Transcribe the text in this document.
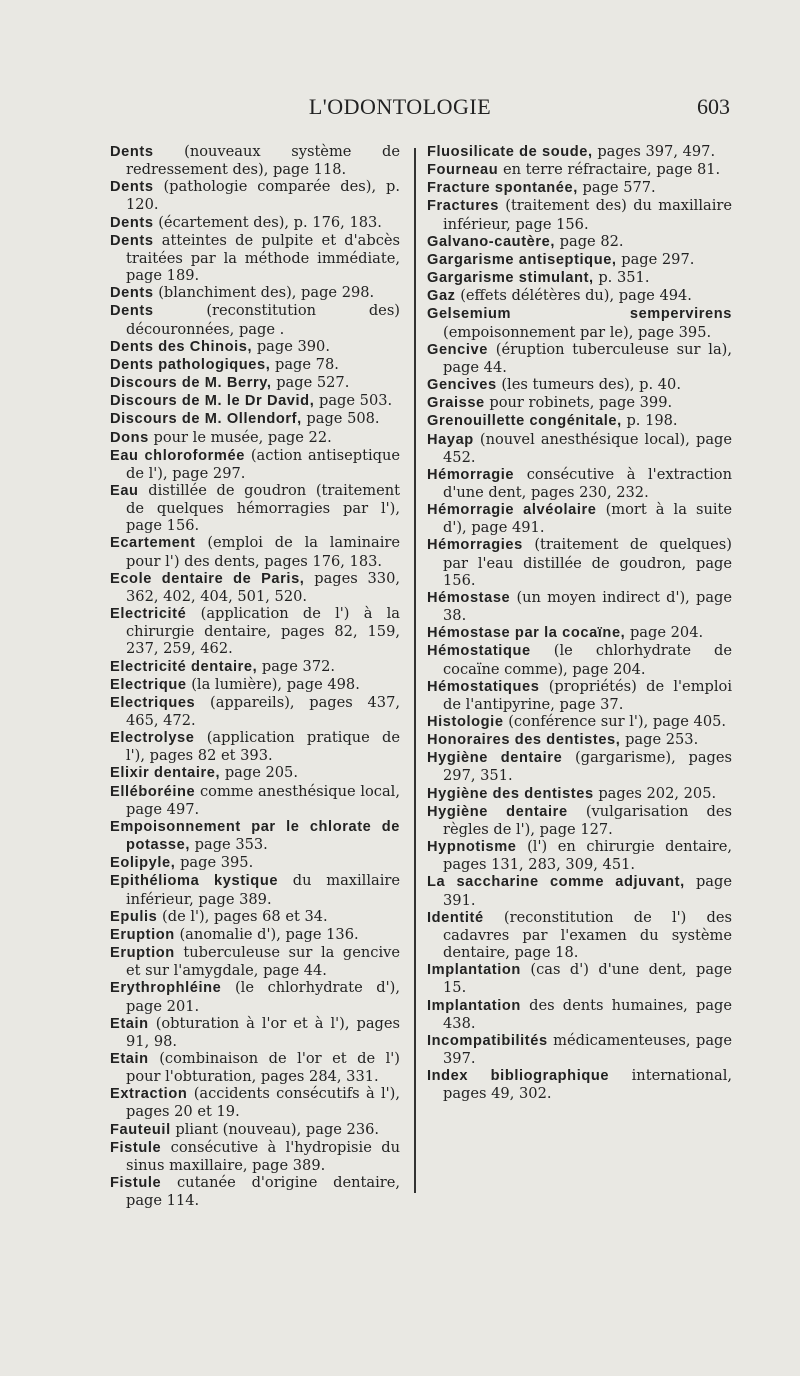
L'ODONTOLOGIE	603

Dents (nouveaux système de redressement des), page 118.

Dents (pathologie comparée des), p. 120.

Dents (écartement des), p. 176, 183.

Dents atteintes de pulpite et d'abcès traitées par la méthode immédiate, page 189.

Dents (blanchiment des), page 298.

Dents	(reconstitution des) découronnées, page .

Dents des Chinois, page 390.

Dents pathologiques, page 78.

Discours de M. Berry, page 527.

Discours de M. le Dr David, page 503.

Discours de M. Ollendorf, page 508.

Dons pour le musée, page 22.

Eau chloroformée (action antiseptique de l'), page 297.

Eau distillée de goudron (traitement de quelques hémorragies par l'), page 156.

Ecartement (emploi de la laminaire pour l') des dents, pages 176, 183.

Ecole dentaire de Paris, pages 330, 362, 402, 404, 501, 520.

Electricité (application de l') à la chirurgie dentaire, pages 82, 159, 237, 259, 462.

Electricité dentaire, page 372.

Electrique (la lumière), page 498.

Electriques (appareils), pages 437, 465, 472.

Electrolyse (application pratique de l'), pages 82 et 393.

Elixir dentaire, page 205.

Elléboréine comme anesthésique local, page 497.

Empoisonnement par le chlorate de potasse, page 353.

Eolipyle, page 395.

Epithélioma kystique du maxillaire inférieur, page 389.

Epulis (de l'), pages 68 et 34.

Eruption (anomalie d'), page 136.

Eruption tuberculeuse sur la gencive et sur l'amygdale, page 44.

Erythrophléine (le chlorhydrate d'), page 201.

Etain (obturation à l'or et à l'), pages 91, 98.

Etain (combinaison de l'or et de l') pour l'obturation, pages 284, 331.

Extraction (accidents consécutifs à l'), pages 20 et 19.

Fauteuil pliant (nouveau), page 236.

Fistule consécutive à l'hydropisie du sinus maxillaire, page 389.

Fistule cutanée d'origine dentaire, page 114.

Fluosilicate de soude, pages 397, 497.

Fourneau en terre réfractaire, page 81.

Fracture spontanée, page 577.

Fractures (traitement des) du maxillaire inférieur, page 156.

Galvano-cautère, page 82.

Gargarisme antiseptique, page 297.

Gargarisme stimulant, p. 351.

Gaz (effets délétères du), page 494.

Gelsemium sempervirens (empoisonnement par le), page 395.

Gencive (éruption tuberculeuse sur la), page 44.

Gencives (les tumeurs des), p. 40.

Graisse pour robinets, page 399.

Grenouillette congénitale, p. 198.

Hayap (nouvel anesthésique local), page 452.

Hémorragie consécutive à l'extraction d'une dent, pages 230, 232.

Hémorragie alvéolaire (mort à la suite d'), page 491.

Hémorragies (traitement de quelques) par l'eau distillée de goudron, page 156.

Hémostase (un moyen indirect d'), page 38.

Hémostase par la cocaïne, page 204.

Hémostatique (le chlorhydrate de cocaïne comme), page 204.

Hémostatiques (propriétés) de l'emploi de l'antipyrine, page 37.

Histologie (conférence sur l'), page 405.

Honoraires des dentistes, page 253.

Hygiène dentaire (gargarisme), pages 297, 351.

Hygiène des dentistes pages 202, 205.

Hygiène dentaire (vulgarisation des règles de l'), page 127.

Hypnotisme (l') en chirurgie dentaire, pages 131, 283, 309, 451.

La saccharine comme adjuvant, page 391.

Identité (reconstitution de l') des cadavres par l'examen du système dentaire, page 18.

Implantation (cas d') d'une dent, page 15.

Implantation des dents humaines, page 438.

Incompatibilités médicamenteuses, page 397.

Index bibliographique international, pages 49, 302.
